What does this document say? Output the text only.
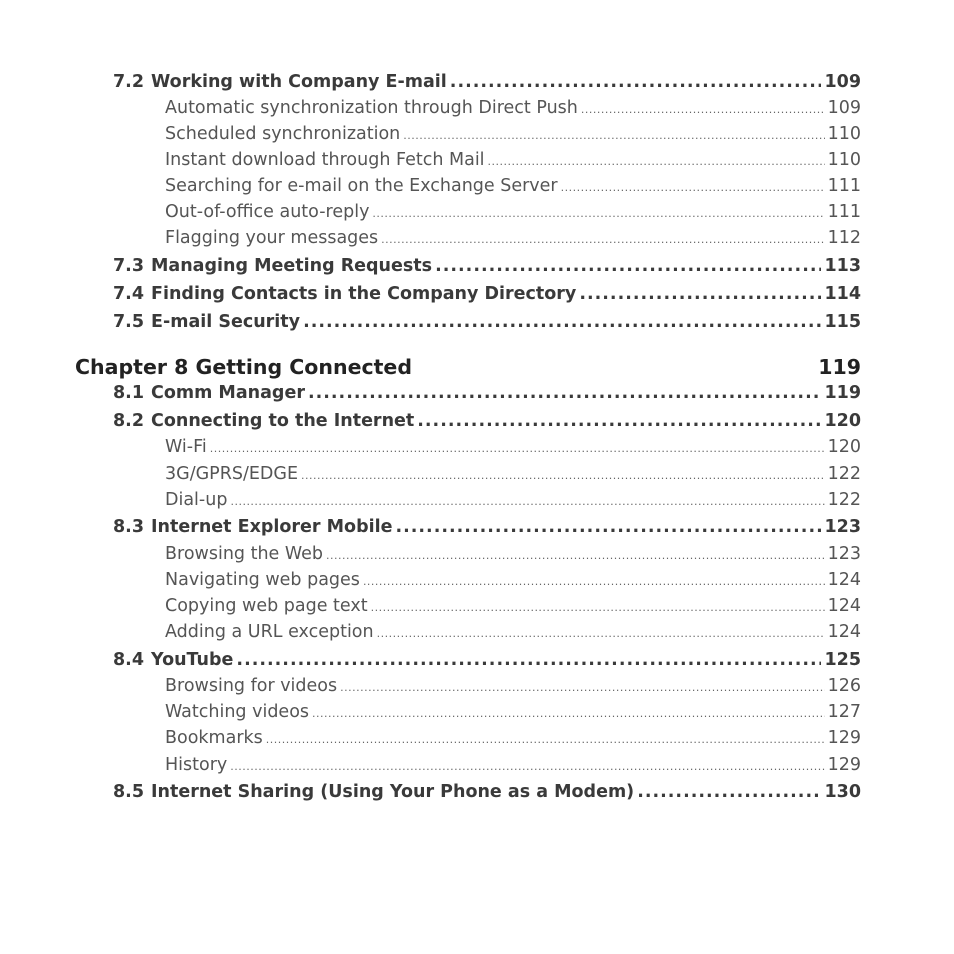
7.2 Working with Company E-mail .....	109
Automatic synchronization through Direct Push .....	109
Scheduled synchronization .....	110
Instant download through Fetch Mail .....	110
Searching for e-mail on the Exchange Server .....	111
Out-of-office auto-reply .....	111
Flagging your messages .....	112
7.3 Managing Meeting Requests .....	113
7.4 Finding Contacts in the Company Directory .....	114
7.5 E-mail Security .....	115
Chapter 8 Getting Connected	119
8.1 Comm Manager .....	119
8.2 Connecting to the Internet .....	120
Wi-Fi .....	120
3G/GPRS/EDGE .....	122
Dial-up .....	122
8.3 Internet Explorer Mobile .....	123
Browsing the Web .....	123
Navigating web pages .....	124
Copying web page text .....	124
Adding a URL exception .....	124
8.4 YouTube .....	125
Browsing for videos .....	126
Watching videos .....	127
Bookmarks .....	129
History .....	129
8.5 Internet Sharing (Using Your Phone as a Modem) .....	130
